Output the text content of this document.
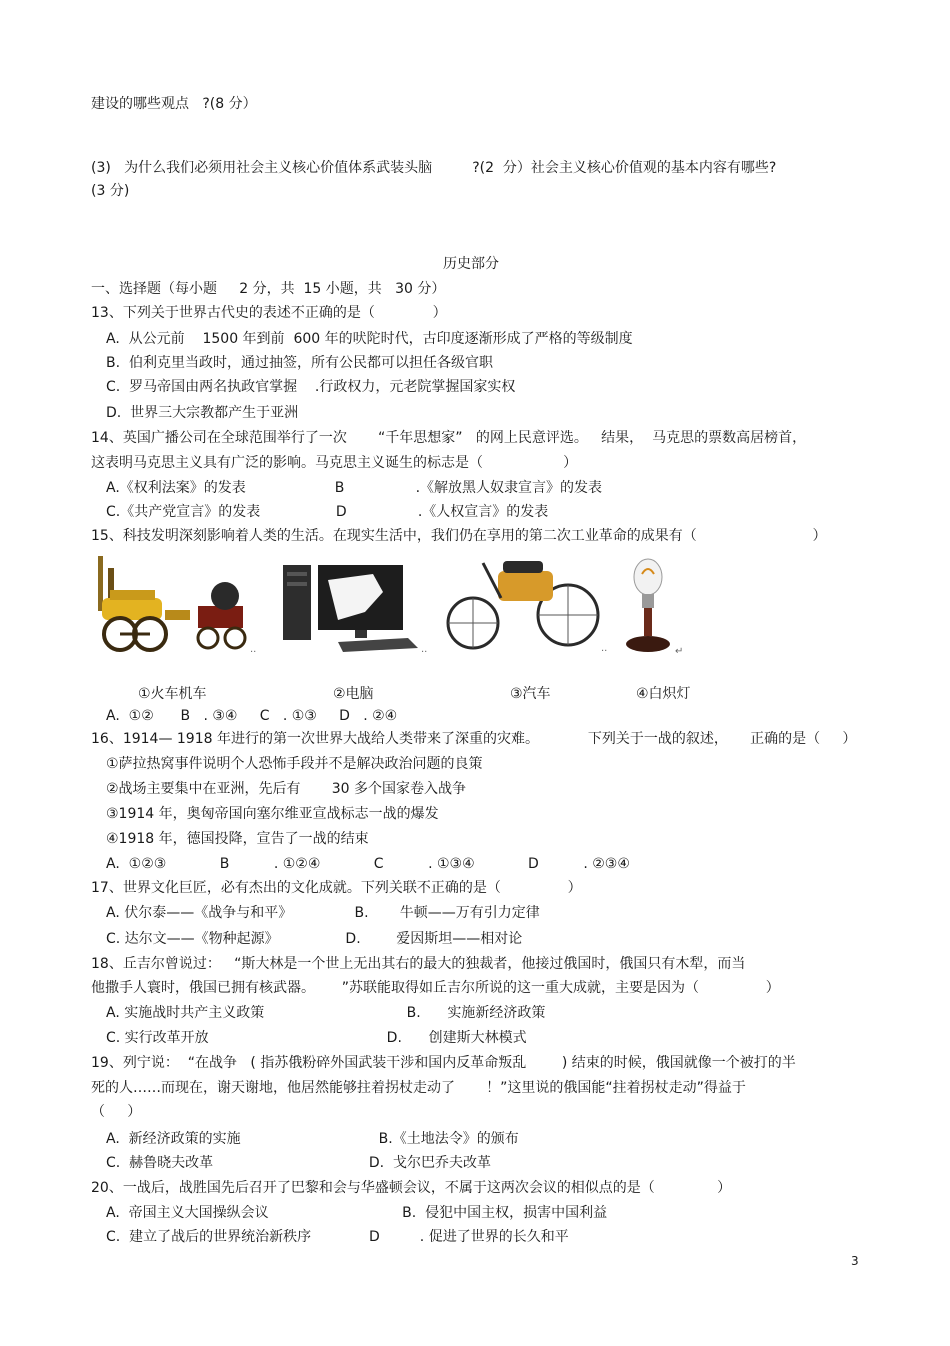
建设的哪些观点   ?(8 分）
(3)   为什么我们必须用社会主义核心价值体系武装头脑         ?(2  分）社会主义核心价值观的基本内容有哪些?
(3 分)
历史部分
一、选择题（每小题     2 分，共  15 小题，共   30 分）
13、下列关于世界古代史的表述不正确的是（             ）
A.  从公元前    1500 年到前  600 年的吠陀时代，古印度逐渐形成了严格的等级制度
B.  伯利克里当政时，通过抽签，所有公民都可以担任各级官职
C.  罗马帝国由两名执政官掌握    .行政权力，元老院掌握国家实权
D.  世界三大宗教都产生于亚洲
14、英国广播公司在全球范围举行了一次       “千年思想家”   的网上民意评选。   结果，  马克思的票数高居榜首，
这表明马克思主义具有广泛的影响。马克思主义诞生的标志是（                  ）
A.《权利法案》的发表                    B                .《解放黑人奴隶宣言》的发表
C.《共产党宣言》的发表                 D                .《人权宣言》的发表
15、科技发明深刻影响着人类的生活。在现实生活中，我们仍在享用的第二次工业革命的成果有（                          ）
..	..	..	↵
①火车机车	②电脑	③汽车	④白炽灯
A.  ①②      B   . ③④     C   . ①③     D   . ②④
16、1914— 1918 年进行的第一次世界大战给人类带来了深重的灾难。           下列关于一战的叙述，     正确的是（     ）
①萨拉热窝事件说明个人恐怖手段并不是解决政治问题的良策
②战场主要集中在亚洲，先后有       30 多个国家卷入战争
③1914 年，奥匈帝国向塞尔维亚宣战标志一战的爆发
④1918 年，德国投降，宣告了一战的结束
A.  ①②③            B          . ①②④            C          . ①③④            D          . ②③④
17、世界文化巨匠，必有杰出的文化成就。下列关联不正确的是（               ）
A. 伏尔泰——《战争与和平》              B.       牛顿——万有引力定律
C. 达尔文——《物种起源》               D.        爱因斯坦——相对论
18、丘吉尔曾说过：   “斯大林是一个世上无出其右的最大的独裁者，他接过俄国时，俄国只有木犁，而当
他撒手人寰时，俄国已拥有核武器。      ”苏联能取得如丘吉尔所说的这一重大成就，主要是因为（               ）
A. 实施战时共产主义政策                                B.      实施新经济政策
C. 实行改革开放                                        D.      创建斯大林模式
19、列宁说：  “在战争   ( 指苏俄粉碎外国武装干涉和国内反革命叛乱        ) 结束的时候，俄国就像一个被打的半
死的人……而现在，谢天谢地，他居然能够拄着拐杖走动了       ！”这里说的俄国能“拄着拐杖走动”得益于
（     ）
A.  新经济政策的实施                               B.《土地法令》的颁布
C.  赫鲁晓夫改革                                   D.  戈尔巴乔夫改革
20、一战后，战胜国先后召开了巴黎和会与华盛顿会议，不属于这两次会议的相似点的是（              ）
A.  帝国主义大国操纵会议                              B.  侵犯中国主权，损害中国利益
C.  建立了战后的世界统治新秩序             D         . 促进了世界的长久和平
3
